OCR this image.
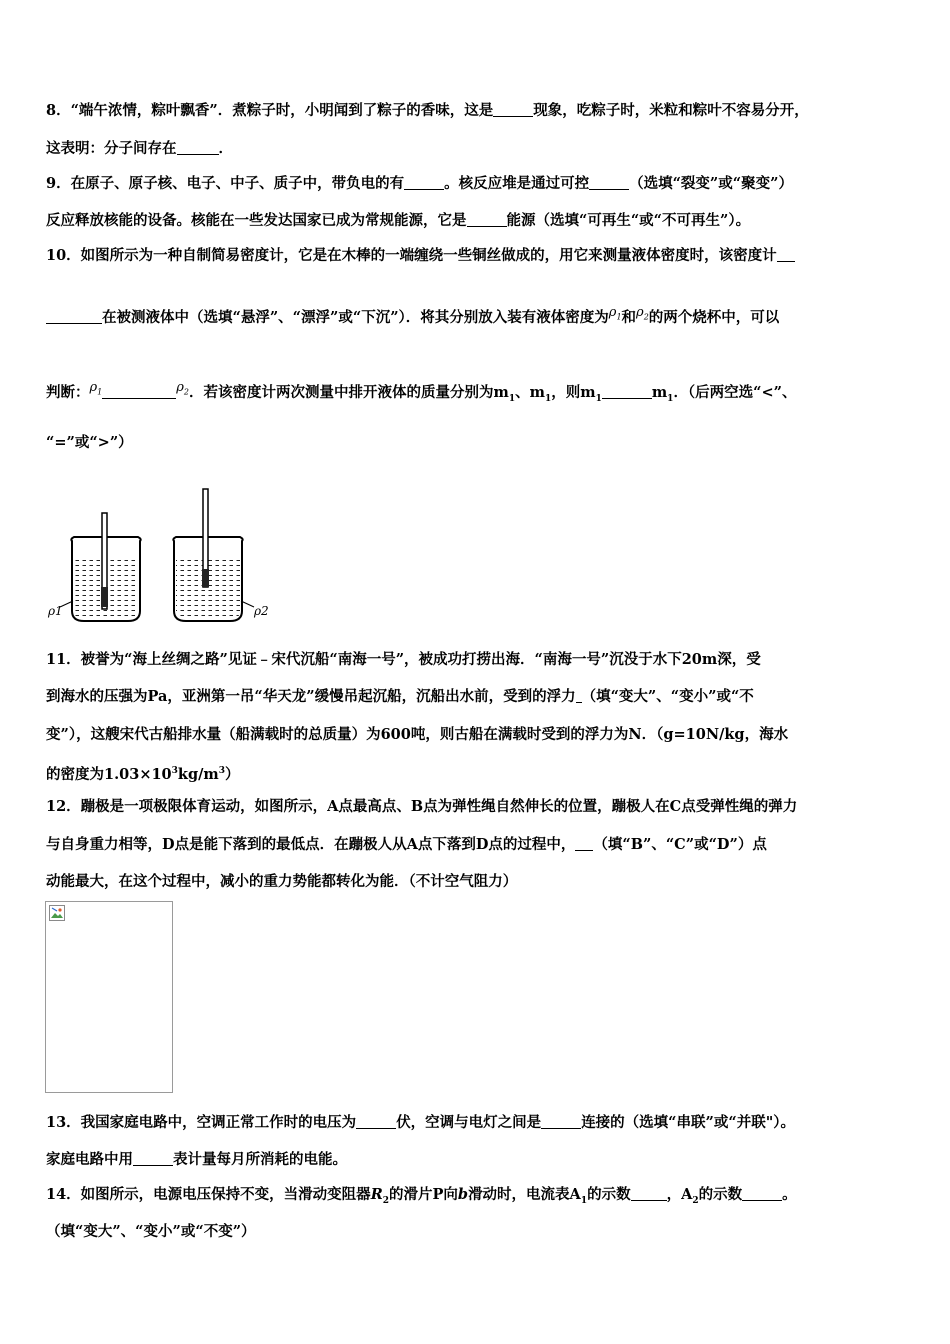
8．“端午浓情，粽叶飘香”．煮粽子时，小明闻到了粽子的香味，这是	现象，吃粽子时，米粒和粽叶不容易分开，
这表明：分子间存在	．
9．在原子、原子核、电子、中子、质子中，带负电的有	。核反应堆是通过可控	（选填“裂变”或“聚变”）
反应释放核能的设备。核能在一些发达国家已成为常规能源，它是	能源（选填“可再生“或“不可再生”）。
10．如图所示为一种自制简易密度计，它是在木棒的一端缠绕一些铜丝做成的，用它来测量液体密度时，该密度计
在被测液体中（选填“悬浮”、“漂浮”或“下沉”）．将其分别放入装有液体密度为$\rho_1$和$\rho_2$的两个烧杯中，可以
判断：$\rho_1$	$\rho_2$．若该密度计两次测量中排开液体的质量分别为$m_1$、$m_1$，则$m_1$	$m_1$．（后两空选“<”、
“=”或“>”）
ρ1	ρ2
11．被誉为“海上丝绸之路”见证﹣宋代沉船“南海一号”，被成功打捞出海．“南海一号”沉没于水下20m深，受
到海水的压强为Pa，亚洲第一吊“华天龙”缓慢吊起沉船，沉船出水前，受到的浮力 （填“变大”、“变小”或“不
变”），这艘宋代古船排水量（船满载时的总质量）为600吨，则古船在满载时受到的浮力为N．（g=10N/kg，海水
的密度为$1.03\times 10^3kg/m^3$）
12．蹦极是一项极限体育运动，如图所示，A点最高点、B点为弹性绳自然伸长的位置，蹦极人在C点受弹性绳的弹力
与自身重力相等，D点是能下落到的最低点．在蹦极人从A点下落到D点的过程中， （填“B”、“C”或“D”）点
动能最大，在这个过程中，减小的重力势能都转化为能．（不计空气阻力）
13．我国家庭电路中，空调正常工作时的电压为	伏，空调与电灯之间是	连接的（选填“串联”或“并联"）。
家庭电路中用	表计量每月所消耗的电能。
14．如图所示，电源电压保持不变，当滑动变阻器$R_2$的滑片P向b滑动时，电流表$A_1$的示数 ，$A_2$的示数	。
（填“变大”、“变小”或“不变”）
